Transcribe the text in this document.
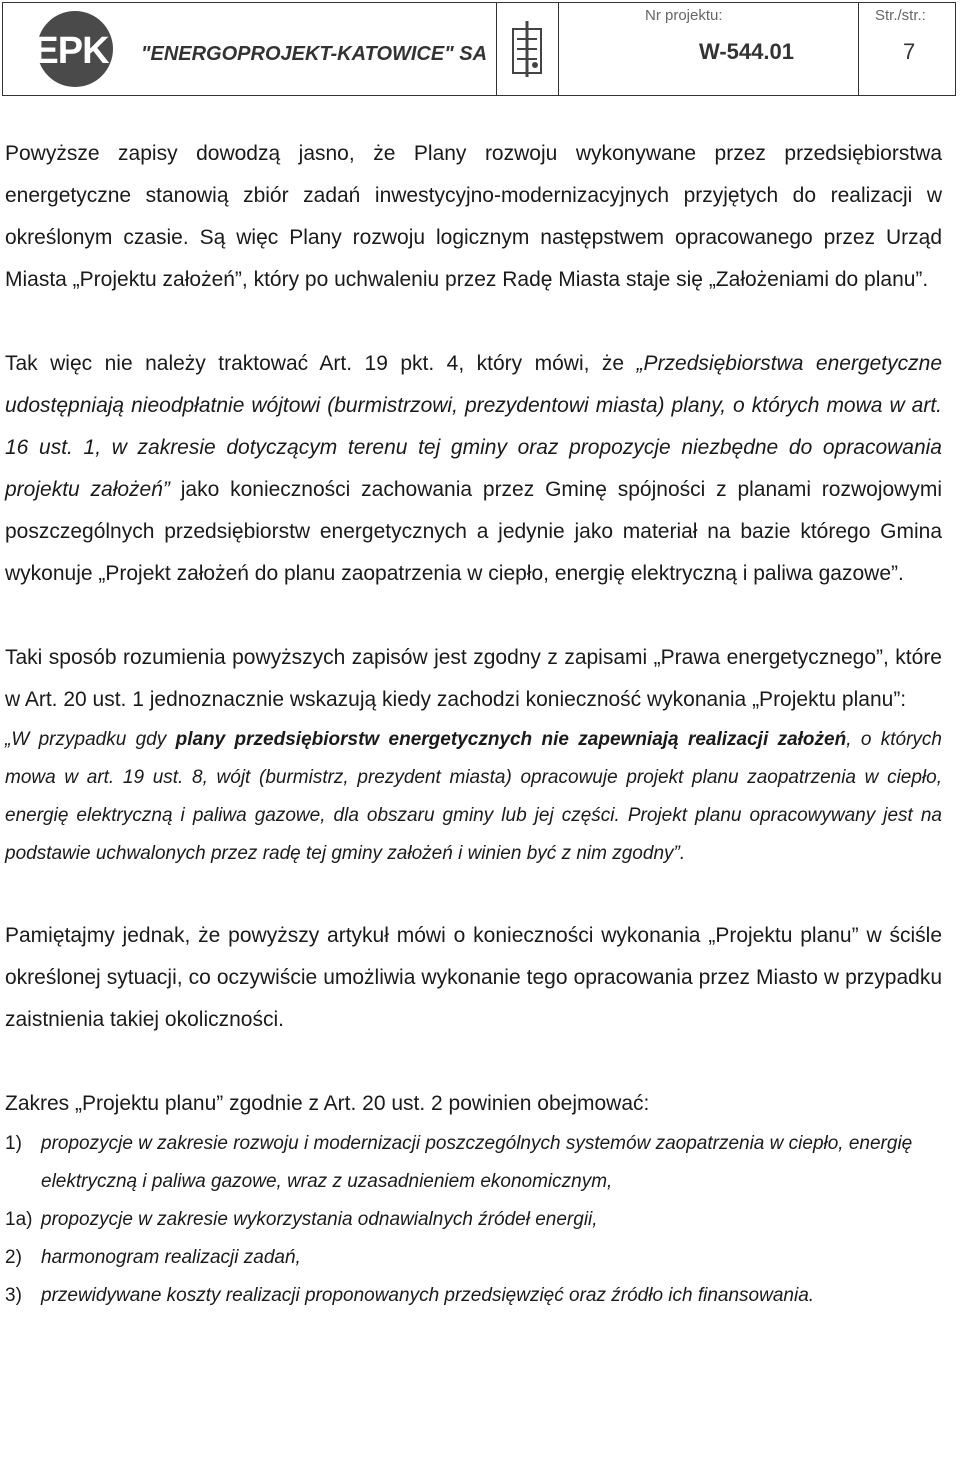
EPK "ENERGOPROJEKT-KATOWICE" SA
Nr projektu:
W-544.01
Str./str.:
7

Powyższe zapisy dowodzą jasno, że Plany rozwoju wykonywane przez przedsiębiorstwa energetyczne stanowią zbiór zadań inwestycyjno-modernizacyjnych przyjętych do realizacji w określonym czasie. Są więc Plany rozwoju logicznym następstwem opracowanego przez Urząd Miasta „Projektu założeń”, który po uchwaleniu przez Radę Miasta staje się „Założeniami do planu”.

Tak więc nie należy traktować Art. 19 pkt. 4, który mówi, że „Przedsiębiorstwa energetyczne udostępniają nieodpłatnie wójtowi (burmistrzowi, prezydentowi miasta) plany, o których mowa w art. 16 ust. 1, w zakresie dotyczącym terenu tej gminy oraz propozycje niezbędne do opracowania projektu założeń” jako konieczności zachowania przez Gminę spójności z planami rozwojowymi poszczególnych przedsiębiorstw energetycznych a jedynie jako materiał na bazie którego Gmina wykonuje „Projekt założeń do planu zaopatrzenia w ciepło, energię elektryczną i paliwa gazowe”.

Taki sposób rozumienia powyższych zapisów jest zgodny z zapisami „Prawa energetycznego”, które w Art. 20 ust. 1 jednoznacznie wskazują kiedy zachodzi konieczność wykonania „Projektu planu”:

„W przypadku gdy plany przedsiębiorstw energetycznych nie zapewniają realizacji założeń, o których mowa w art. 19 ust. 8, wójt (burmistrz, prezydent miasta) opracowuje projekt planu zaopatrzenia w ciepło, energię elektryczną i paliwa gazowe, dla obszaru gminy lub jej części. Projekt planu opracowywany jest na podstawie uchwalonych przez radę tej gminy założeń i winien być z nim zgodny”.

Pamiętajmy jednak, że powyższy artykuł mówi o konieczności wykonania „Projektu planu” w ściśle określonej sytuacji, co oczywiście umożliwia wykonanie tego opracowania przez Miasto w przypadku zaistnienia takiej okoliczności.

Zakres „Projektu planu” zgodnie z Art. 20 ust. 2 powinien obejmować:

1) propozycje w zakresie rozwoju i modernizacji poszczególnych systemów zaopatrzenia w ciepło, energię elektryczną i paliwa gazowe, wraz z uzasadnieniem ekonomicznym,
1a) propozycje w zakresie wykorzystania odnawialnych źródeł energii,
2) harmonogram realizacji zadań,
3) przewidywane koszty realizacji proponowanych przedsięwzięć oraz źródło ich finansowania.
